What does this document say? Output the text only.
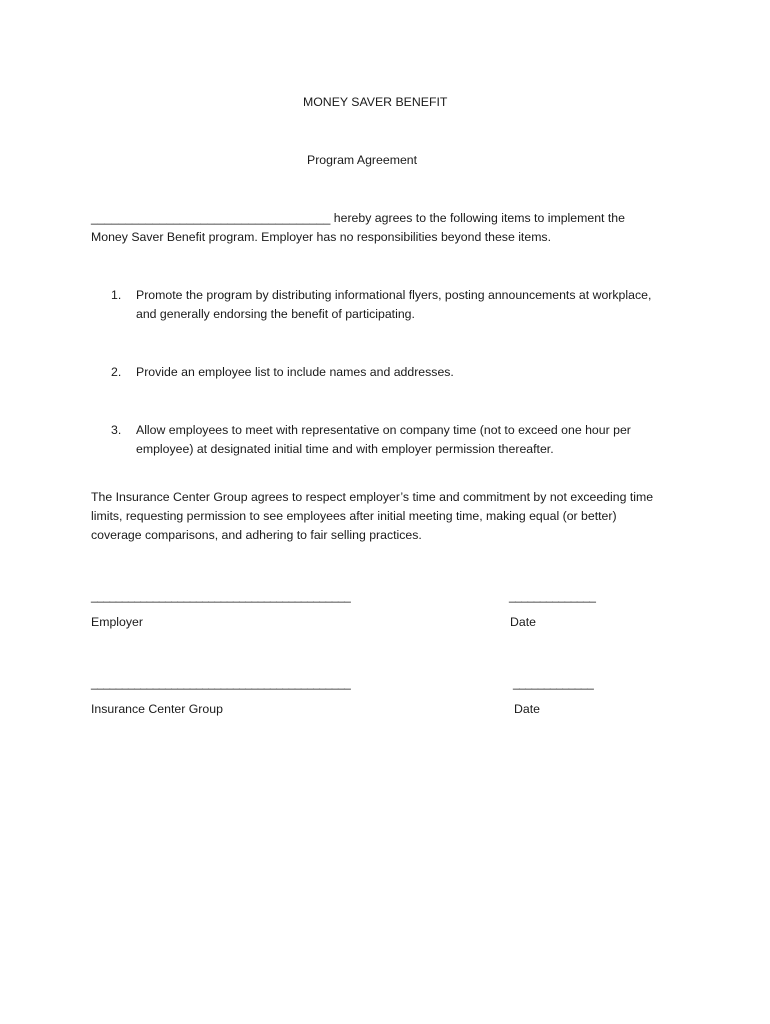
MONEY SAVER BENEFIT
Program Agreement
___________________________________ hereby agrees to the following items to implement the
Money Saver Benefit program. Employer has no responsibilities beyond these items.
1. Promote the program by distributing informational flyers, posting announcements at workplace,
and generally endorsing the benefit of participating.
2. Provide an employee list to include names and addresses.
3. Allow employees to meet with representative on company time (not to exceed one hour per
employee) at designated initial time and with employer permission thereafter.
The Insurance Center Group agrees to respect employer’s time and commitment by not exceeding time
limits, requesting permission to see employees after initial meeting time, making equal (or better)
coverage comparisons, and adhering to fair selling practices.
__________________________________________	______________
Employer	Date
__________________________________________	_____________
Insurance Center Group	Date
